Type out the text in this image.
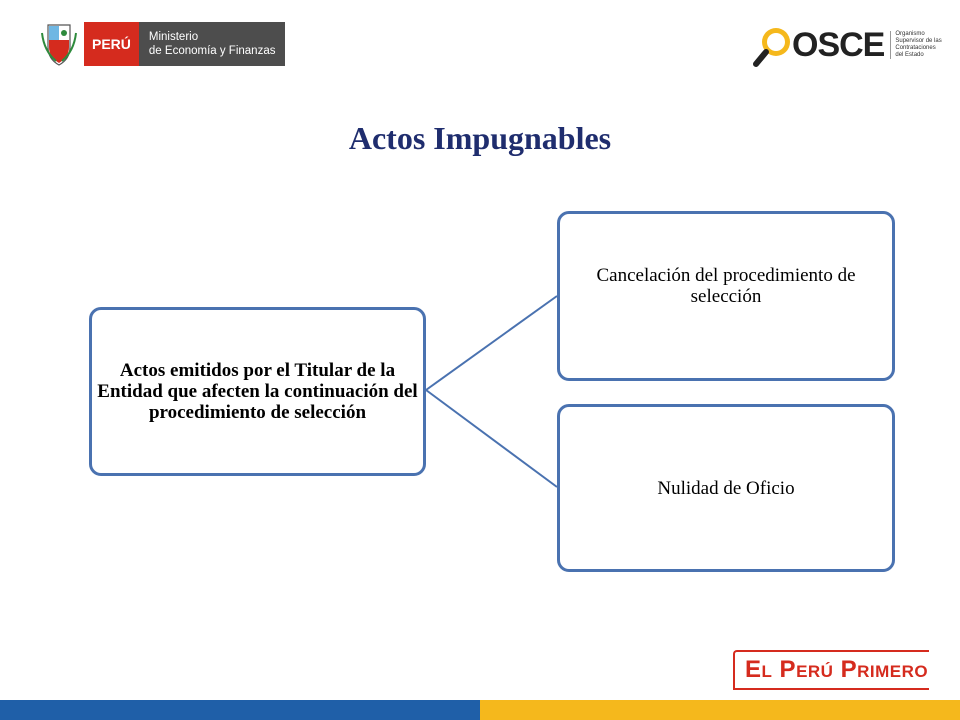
PERÚ	Ministerio
de Economía y Finanzas	OSCE Organismo
Supervisor de las
Contrataciones
del Estado
Actos Impugnables
Actos emitidos por el Titular de la Entidad que afecten la continuación del procedimiento de selección
Cancelación del procedimiento de selección
Nulidad de Oficio
El Perú Primero
